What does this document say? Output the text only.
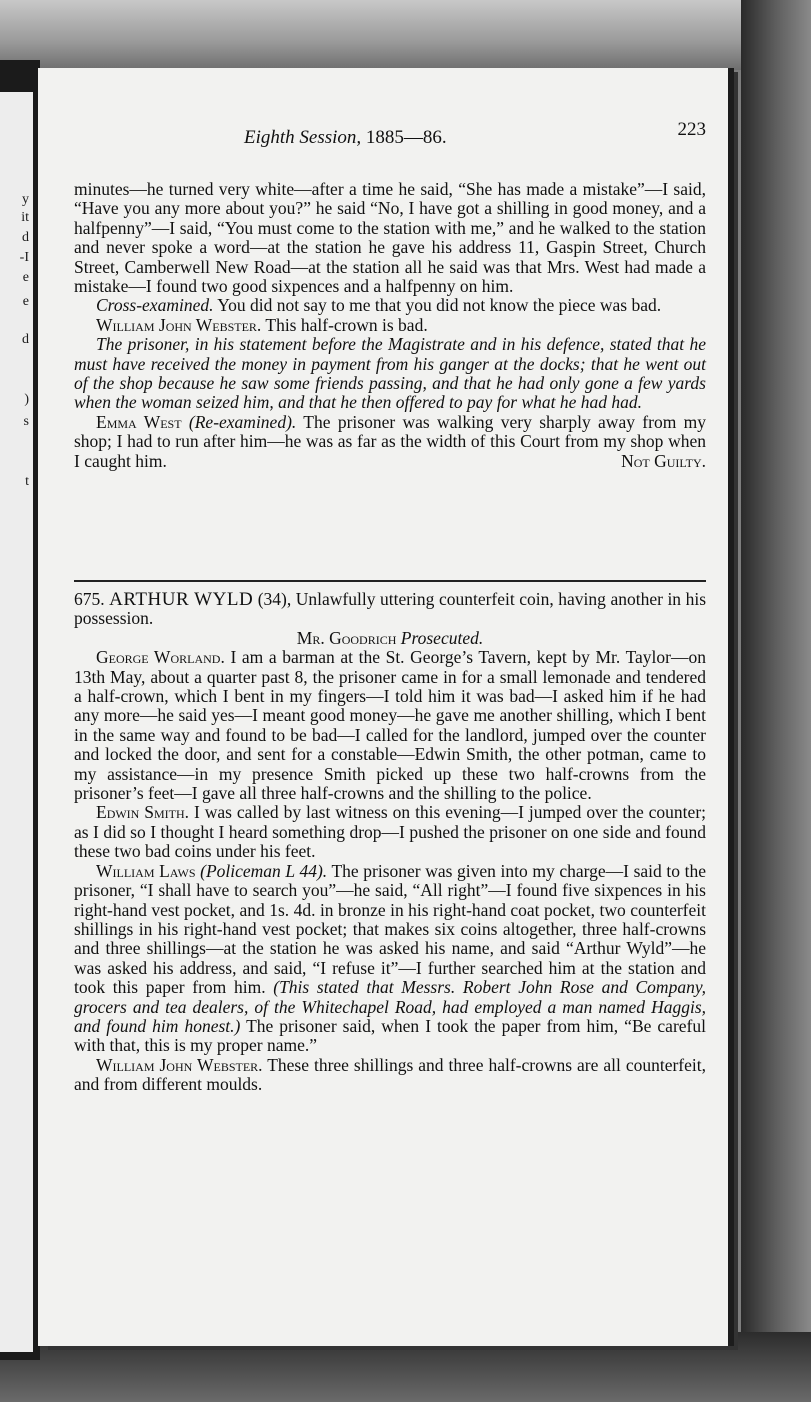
y
it
d
-I
e
e
d
)
s
t
Eighth Session, 1885—86.	223

minutes—he turned very white—after a time he said, “She has made a mistake”—I said, “Have you any more about you?” he said “No, I have got a shilling in good money, and a halfpenny”—I said, “You must come to the station with me,” and he walked to the station and never spoke a word—at the station he gave his address 11, Gaspin Street, Church Street, Camberwell New Road—at the station all he said was that Mrs. West had made a mistake—I found two good sixpences and a halfpenny on him.

Cross-examined. You did not say to me that you did not know the piece was bad.

William John Webster. This half-crown is bad.

The prisoner, in his statement before the Magistrate and in his defence, stated that he must have received the money in payment from his ganger at the docks; that he went out of the shop because he saw some friends passing, and that he had only gone a few yards when the woman seized him, and that he then offered to pay for what he had had.

Emma West (Re-examined). The prisoner was walking very sharply away from my shop; I had to run after him—he was as far as the width of this Court from my shop when I caught him.	Not Guilty.

675. ARTHUR WYLD (34), Unlawfully uttering counterfeit coin, having another in his possession.

Mr. Goodrich Prosecuted.

George Worland. I am a barman at the St. George’s Tavern, kept by Mr. Taylor—on 13th May, about a quarter past 8, the prisoner came in for a small lemonade and tendered a half-crown, which I bent in my fingers—I told him it was bad—I asked him if he had any more—he said yes—I meant good money—he gave me another shilling, which I bent in the same way and found to be bad—I called for the landlord, jumped over the counter and locked the door, and sent for a constable—Edwin Smith, the other potman, came to my assistance—in my presence Smith picked up these two half-crowns from the prisoner’s feet—I gave all three half-crowns and the shilling to the police.

Edwin Smith. I was called by last witness on this evening—I jumped over the counter; as I did so I thought I heard something drop—I pushed the prisoner on one side and found these two bad coins under his feet.

William Laws (Policeman L 44). The prisoner was given into my charge—I said to the prisoner, “I shall have to search you”—he said, “All right”—I found five sixpences in his right-hand vest pocket, and 1s. 4d. in bronze in his right-hand coat pocket, two counterfeit shillings in his right-hand vest pocket; that makes six coins altogether, three half-crowns and three shillings—at the station he was asked his name, and said “Arthur Wyld”—he was asked his address, and said, “I refuse it”—I further searched him at the station and took this paper from him. (This stated that Messrs. Robert John Rose and Company, grocers and tea dealers, of the Whitechapel Road, had employed a man named Haggis, and found him honest.) The prisoner said, when I took the paper from him, “Be careful with that, this is my proper name.”

William John Webster. These three shillings and three half-crowns are all counterfeit, and from different moulds.
